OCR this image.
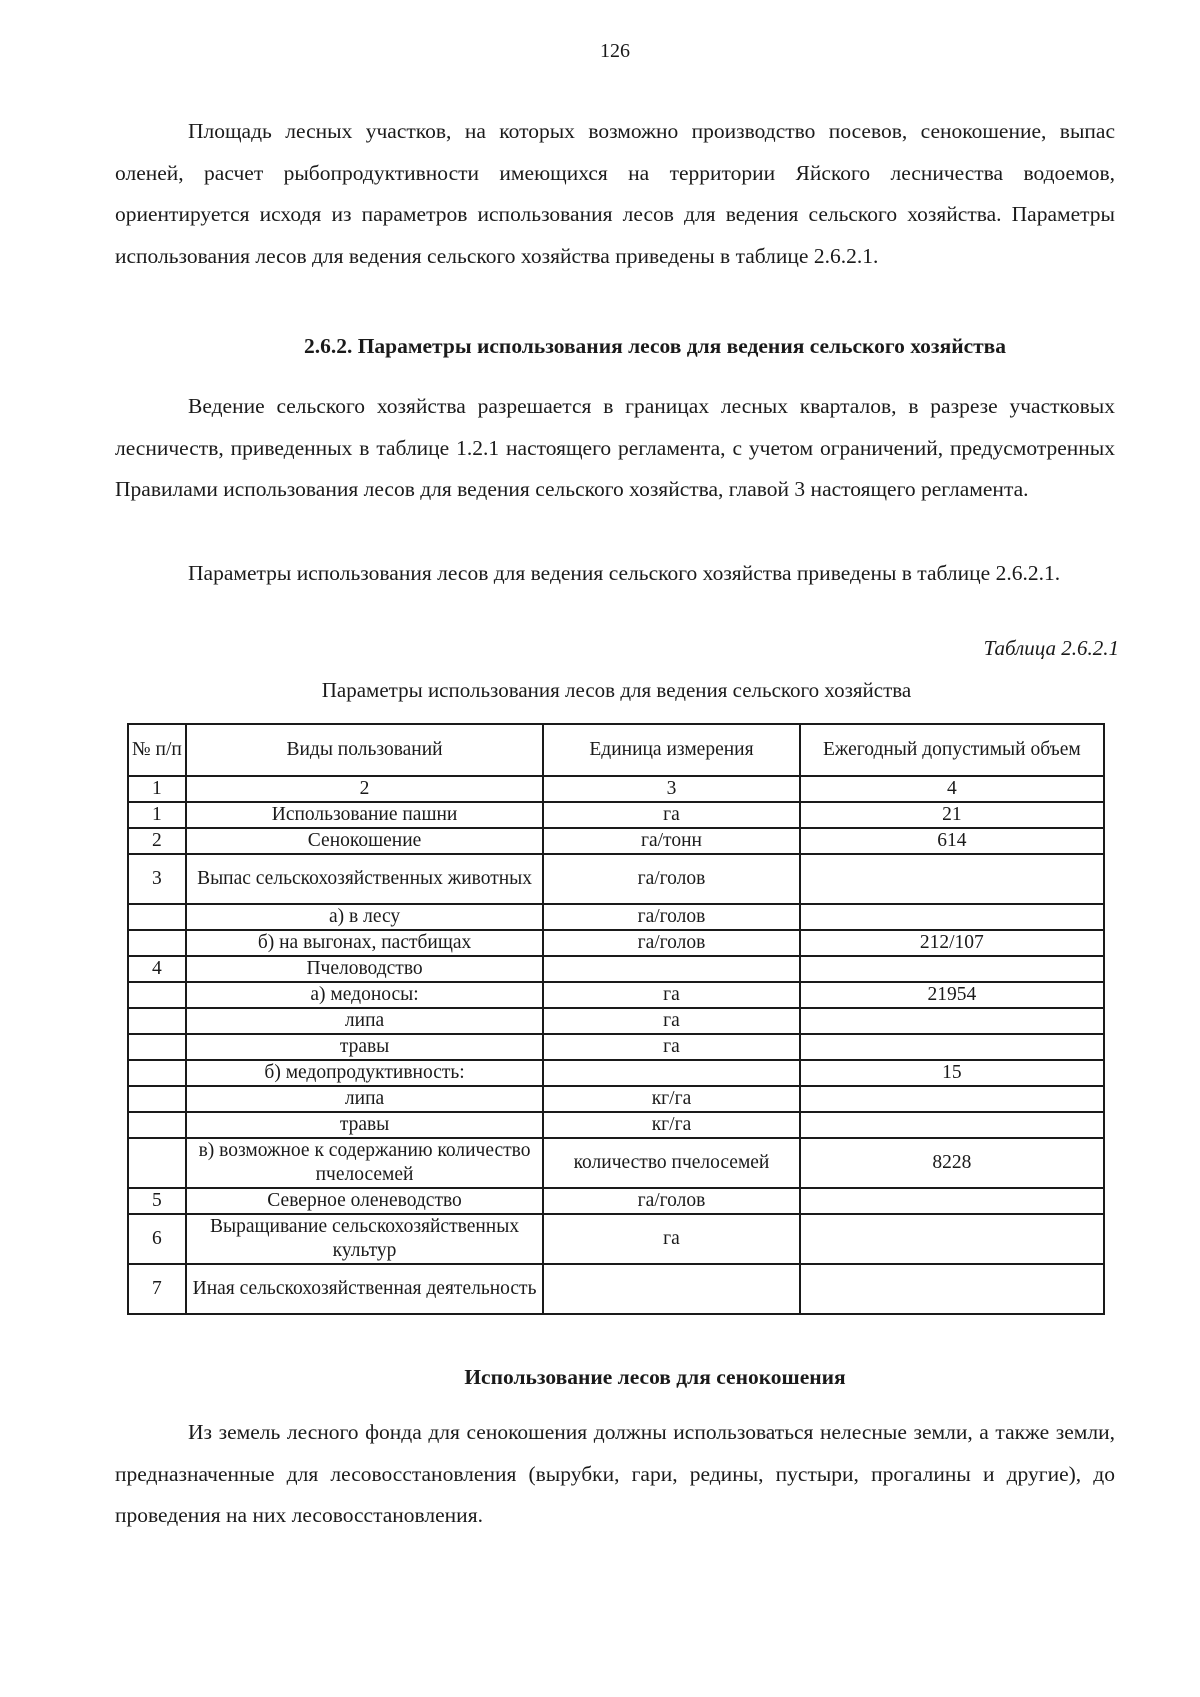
126

Площадь лесных участков, на которых возможно производство посевов, сенокошение, выпас оленей, расчет рыбопродуктивности имеющихся на территории Яйского лесничества водоемов, ориентируется исходя из параметров использования лесов для ведения сельского хозяйства. Параметры использования лесов для ведения сельского хозяйства приведены в таблице 2.6.2.1.

2.6.2. Параметры использования лесов для ведения сельского хозяйства

Ведение сельского хозяйства разрешается в границах лесных кварталов, в разрезе участковых лесничеств, приведенных в таблице 1.2.1 настоящего регламента, с учетом ограничений, предусмотренных Правилами использования лесов для ведения сельского хозяйства, главой 3 настоящего регламента.

Параметры использования лесов для ведения сельского хозяйства приведены в таблице 2.6.2.1.

Таблица 2.6.2.1

Параметры использования лесов для ведения сельского хозяйства

№ п/п	Виды пользований	Единица измерения	Ежегодный допустимый объем
1	2	3	4
1	Использование пашни	га	21
2	Сенокошение	га/тонн	614
3	Выпас сельскохозяйственных животных	га/голов	
	а) в лесу	га/голов	
	б) на выгонах, пастбищах	га/голов	212/107
4	Пчеловодство		
	а) медоносы:	га	21954
	липа	га	
	травы	га	
	б) медопродуктивность:		15
	липа	кг/га	
	травы	кг/га	
	в) возможное к содержанию количество пчелосемей	количество пчелосемей	8228
5	Северное оленеводство	га/голов	
6	Выращивание сельскохозяйственных культур	га	
7	Иная сельскохозяйственная деятельность		
Использование лесов для сенокошения

Из земель лесного фонда для сенокошения должны использоваться нелесные земли, а также земли, предназначенные для лесовосстановления (вырубки, гари, редины, пустыри, прогалины и другие), до проведения на них лесовосстановления.
